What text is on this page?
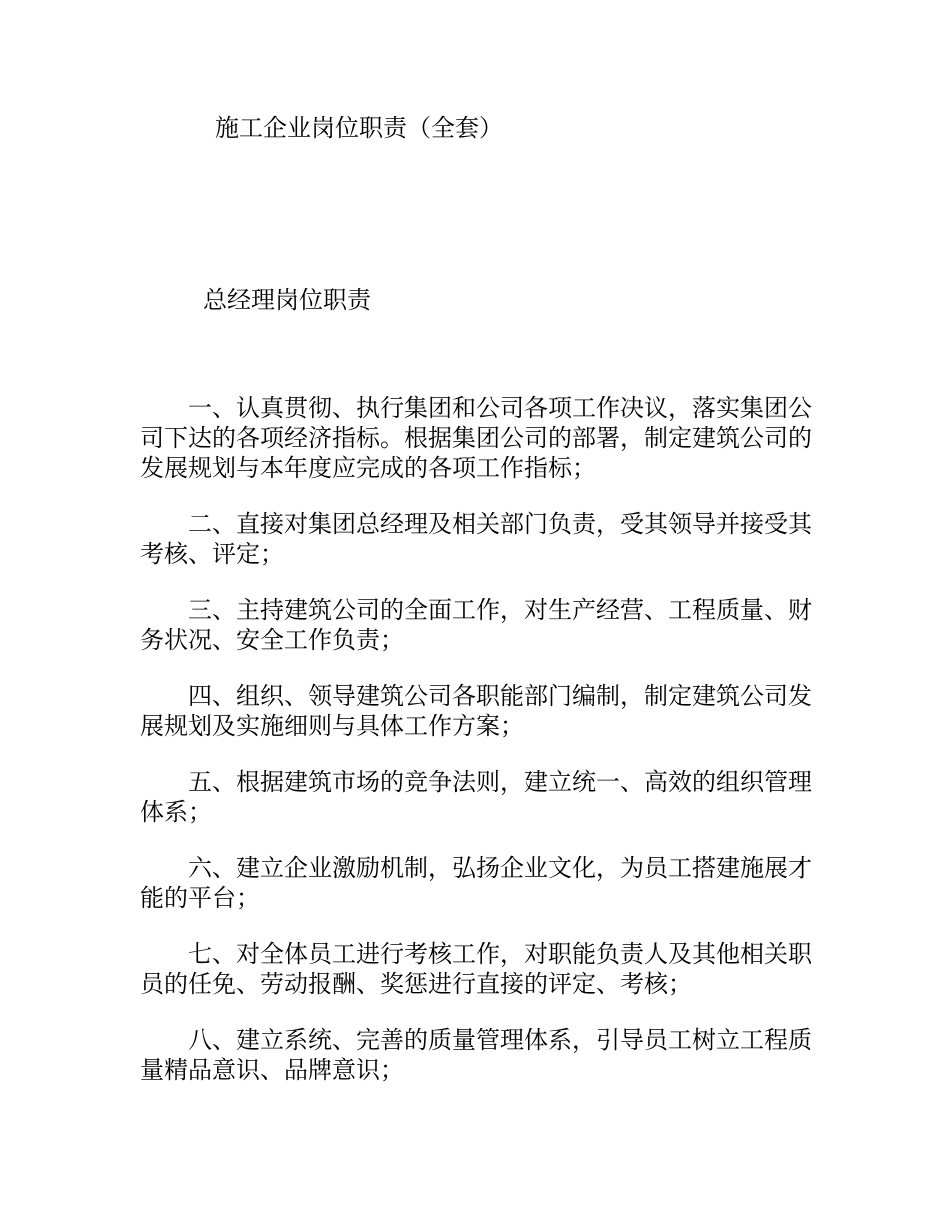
施工企业岗位职责（全套）
总经理岗位职责

一、认真贯彻、执行集团和公司各项工作决议，落实集团公司下达的各项经济指标。根据集团公司的部署，制定建筑公司的发展规划与本年度应完成的各项工作指标；

二、直接对集团总经理及相关部门负责，受其领导并接受其考核、评定；

三、主持建筑公司的全面工作，对生产经营、工程质量、财务状况、安全工作负责；

四、组织、领导建筑公司各职能部门编制，制定建筑公司发展规划及实施细则与具体工作方案；

五、根据建筑市场的竞争法则，建立统一、高效的组织管理体系；

六、建立企业激励机制，弘扬企业文化，为员工搭建施展才能的平台；

七、对全体员工进行考核工作，对职能负责人及其他相关职员的任免、劳动报酬、奖惩进行直接的评定、考核；

八、建立系统、完善的质量管理体系，引导员工树立工程质量精品意识、品牌意识；
